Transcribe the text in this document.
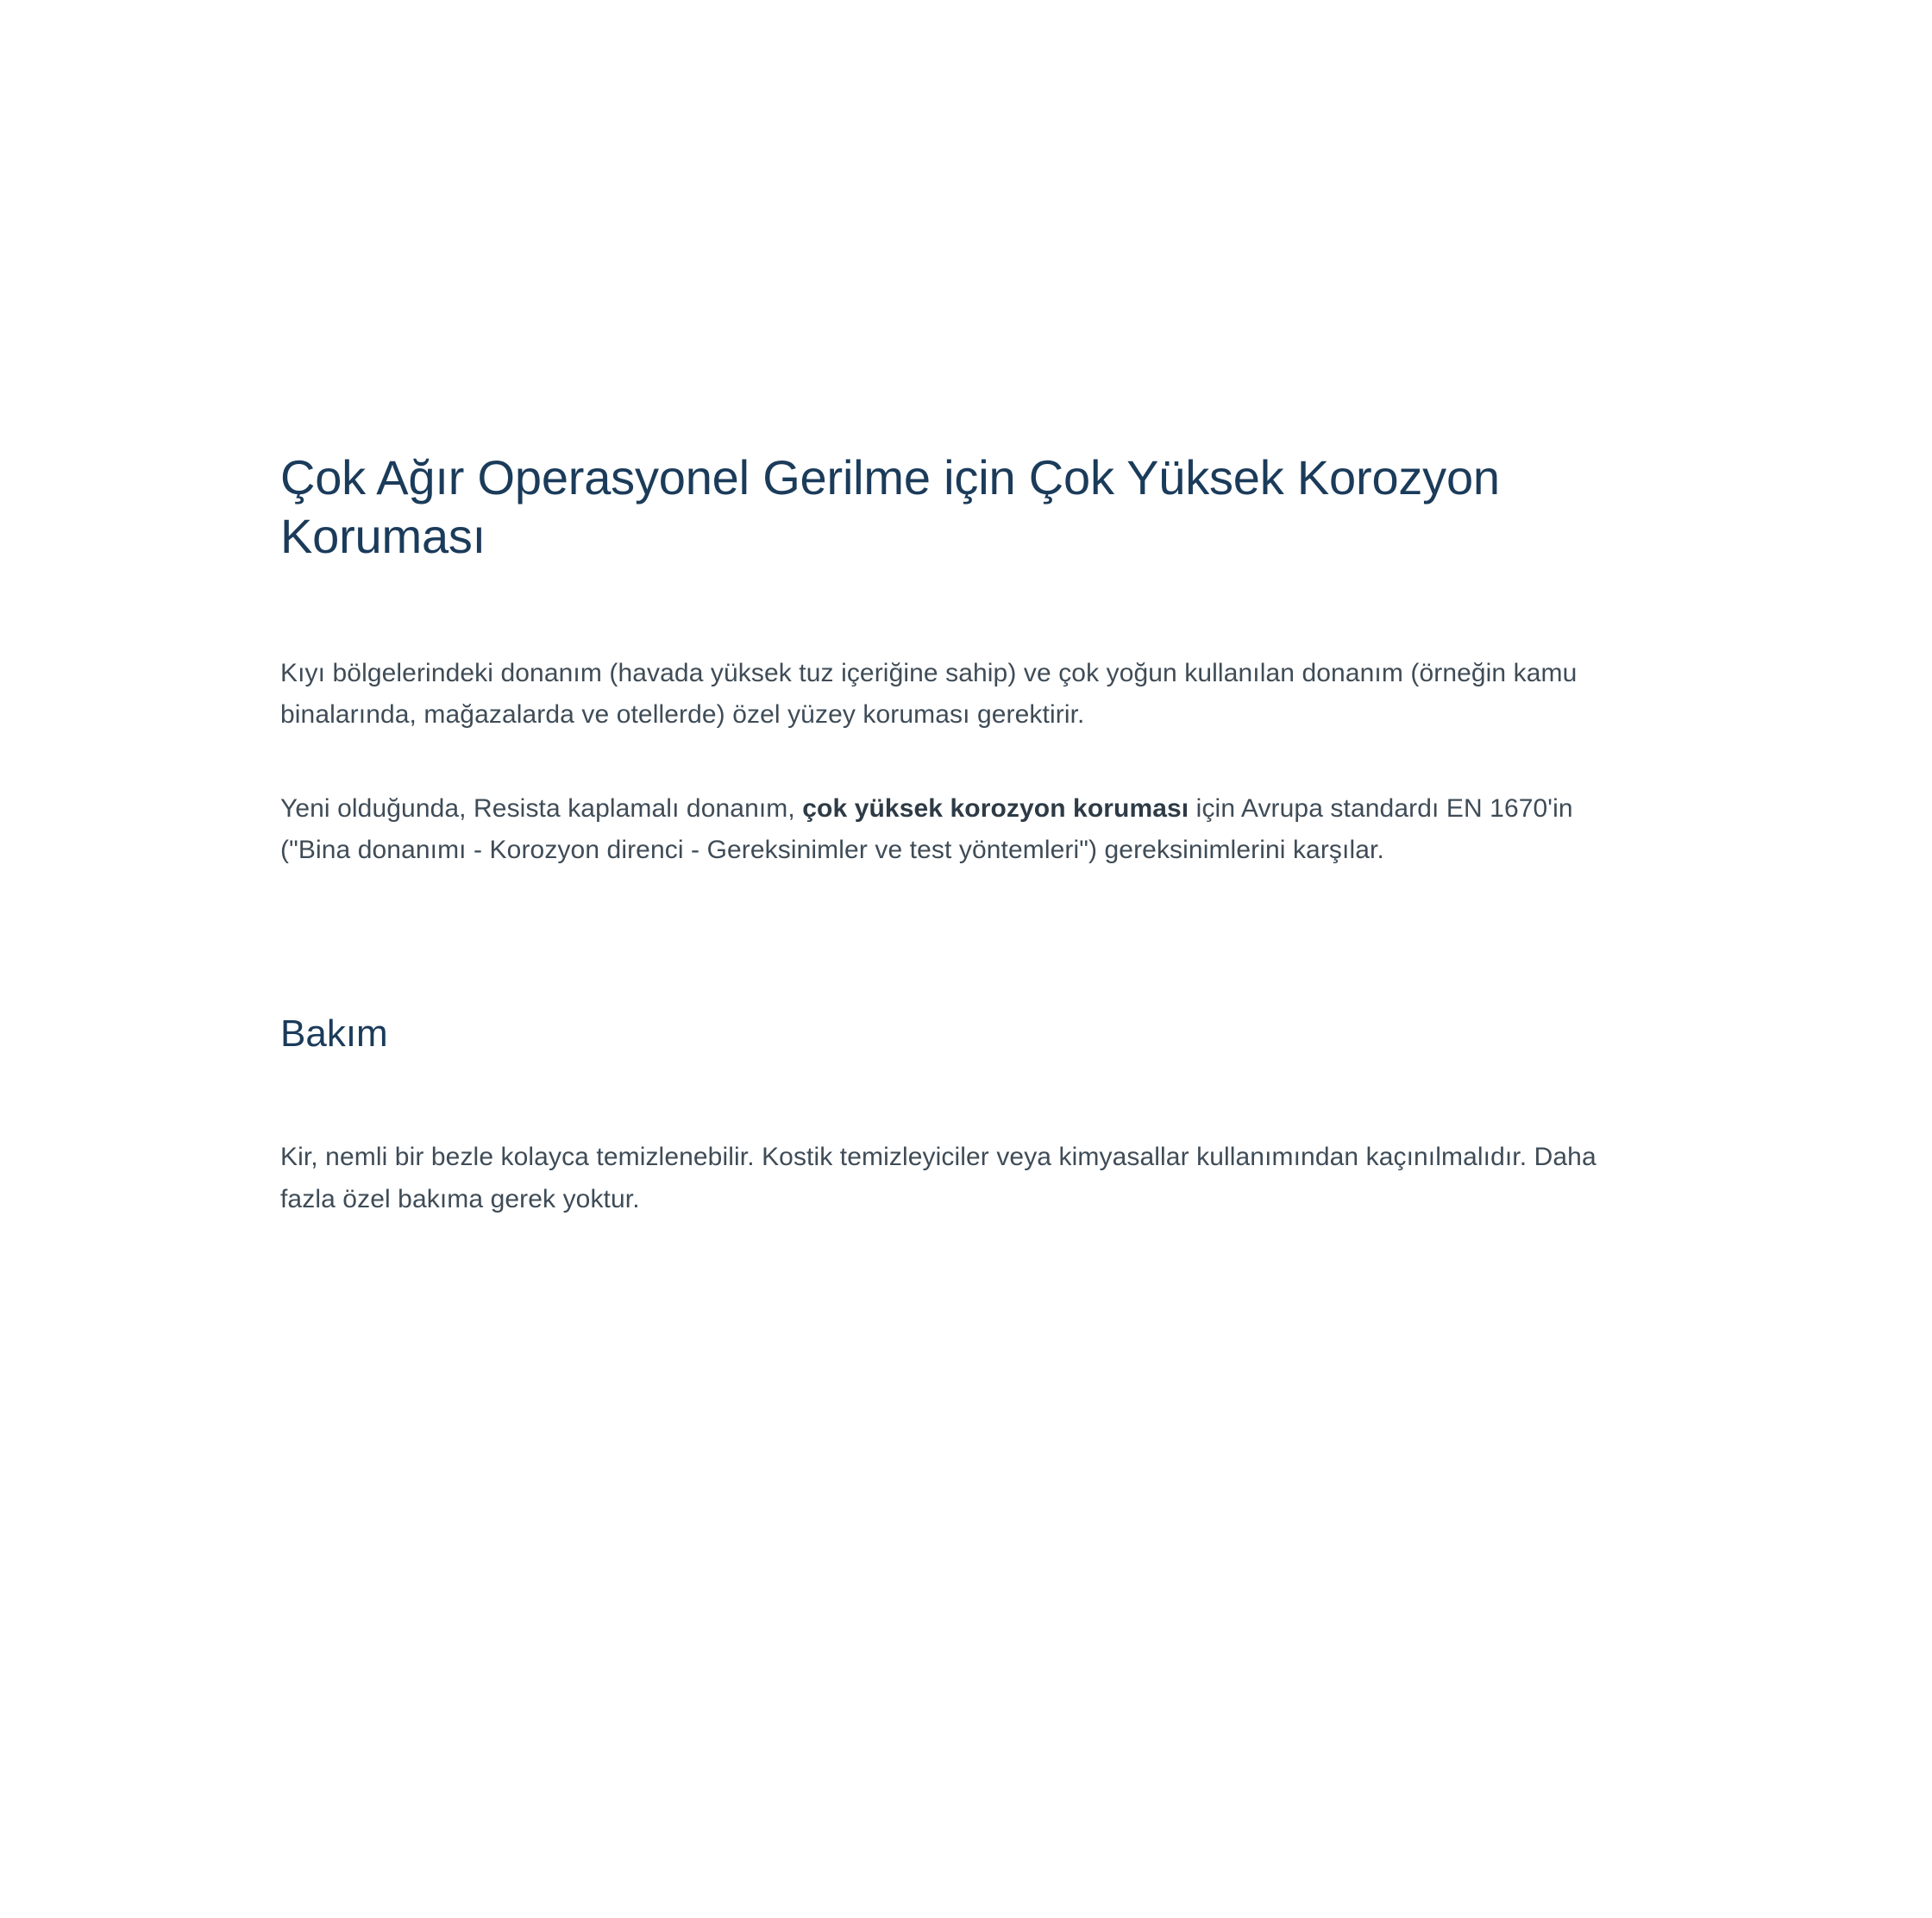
Çok Ağır Operasyonel Gerilme için Çok Yüksek Korozyon Koruması

Kıyı bölgelerindeki donanım (havada yüksek tuz içeriğine sahip) ve çok yoğun kullanılan donanım (örneğin kamu binalarında, mağazalarda ve otellerde) özel yüzey koruması gerektirir.

Yeni olduğunda, Resista kaplamalı donanım, çok yüksek korozyon koruması için Avrupa standardı EN 1670'in ("Bina donanımı - Korozyon direnci - Gereksinimler ve test yöntemleri") gereksinimlerini karşılar.

Bakım

Kir, nemli bir bezle kolayca temizlenebilir. Kostik temizleyiciler veya kimyasallar kullanımından kaçınılmalıdır. Daha fazla özel bakıma gerek yoktur.
